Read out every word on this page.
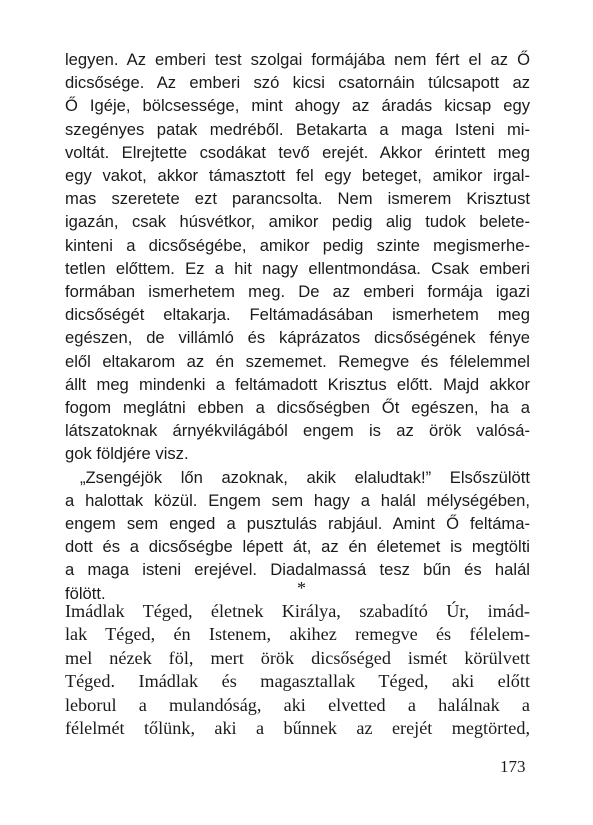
legyen. Az emberi test szolgai formájába nem fért el az Ő
dicsősége. Az emberi szó kicsi csatornáin túlcsapott az
Ő Igéje, bölcsessége, mint ahogy az áradás kicsap egy
szegényes patak medréből. Betakarta a maga Isteni mi-
voltát. Elrejtette csodákat tevő erejét. Akkor érintett meg
egy vakot, akkor támasztott fel egy beteget, amikor irgal-
mas szeretete ezt parancsolta. Nem ismerem Krisztust
igazán, csak húsvétkor, amikor pedig alig tudok belete-
kinteni a dicsőségébe, amikor pedig szinte megismerhe-
tetlen előttem. Ez a hit nagy ellentmondása. Csak emberi
formában ismerhetem meg. De az emberi formája igazi
dicsőségét eltakarja. Feltámadásában ismerhetem meg
egészen, de villámló és káprázatos dicsőségének fénye
elől eltakarom az én szememet. Remegve és félelemmel
állt meg mindenki a feltámadott Krisztus előtt. Majd akkor
fogom meglátni ebben a dicsőségben Őt egészen, ha a
látszatoknak árnyékvilágából engem is az örök valósá-
gok földjére visz.

„Zsengéjök lőn azoknak, akik elaludtak!” Elsőszülött
a halottak közül. Engem sem hagy a halál mélységében,
engem sem enged a pusztulás rabjául. Amint Ő feltáma-
dott és a dicsőségbe lépett át, az én életemet is megtölti
a maga isteni erejével. Diadalmassá tesz bűn és halál
fölött.	*

Imádlak Téged, életnek Királya, szabadító Úr, imád-
lak Téged, én Istenem, akihez remegve és félelem-
mel nézek föl, mert örök dicsőséged ismét körülvett
Téged. Imádlak és magasztallak Téged, aki előtt
leborul a mulandóság, aki elvetted a halálnak a
félelmét tőlünk, aki a bűnnek az erejét megtörted,

173
